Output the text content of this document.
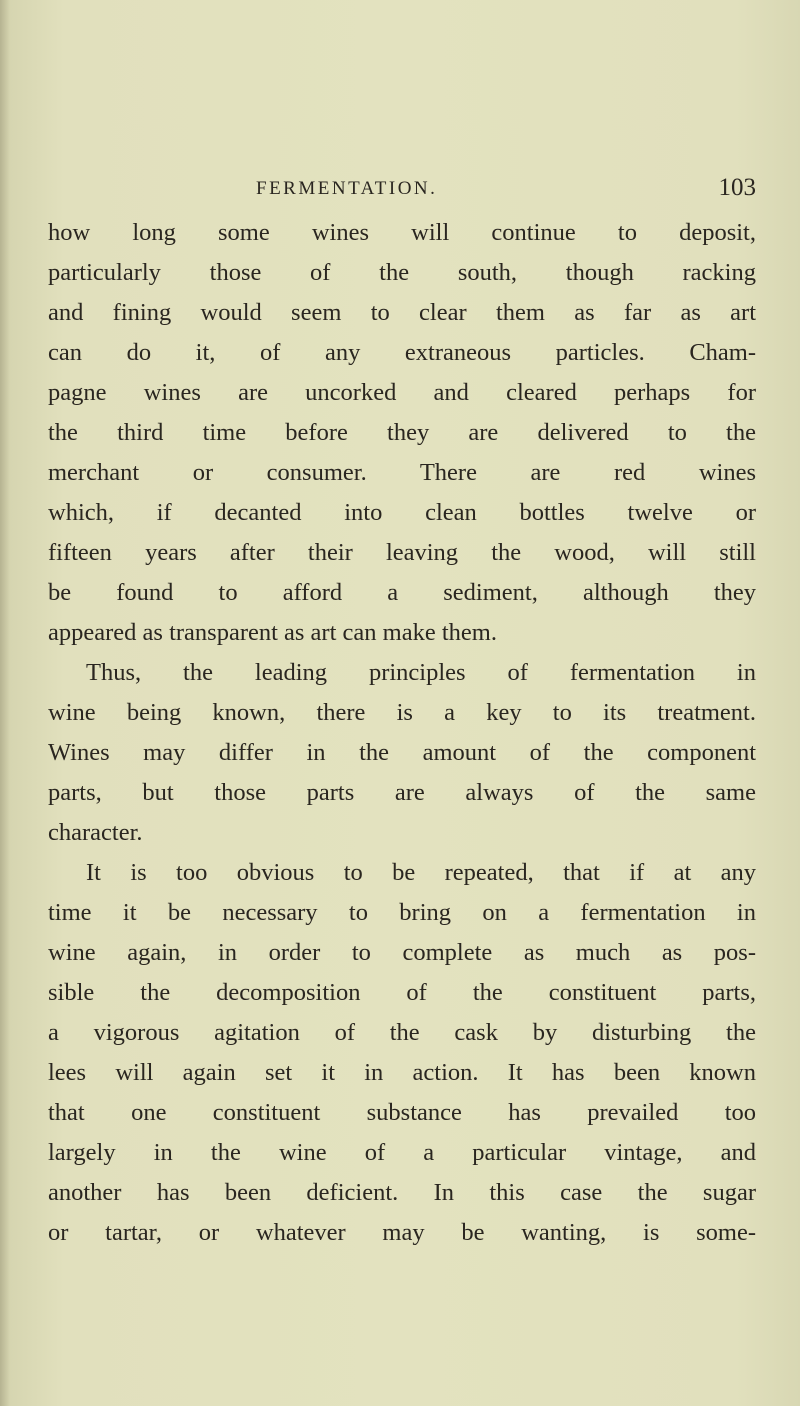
FERMENTATION.	103
how long some wines will continue to deposit,
particularly those of the south, though racking
and fining would seem to clear them as far as art
can do it, of any extraneous particles. Cham-
pagne wines are uncorked and cleared perhaps for
the third time before they are delivered to the
merchant or consumer. There are red wines
which, if decanted into clean bottles twelve or
fifteen years after their leaving the wood, will still
be found to afford a sediment, although they
appeared as transparent as art can make them.
Thus, the leading principles of fermentation in
wine being known, there is a key to its treatment.
Wines may differ in the amount of the component
parts, but those parts are always of the same
character.
It is too obvious to be repeated, that if at any
time it be necessary to bring on a fermentation in
wine again, in order to complete as much as pos-
sible the decomposition of the constituent parts,
a vigorous agitation of the cask by disturbing the
lees will again set it in action. It has been known
that one constituent substance has prevailed too
largely in the wine of a particular vintage, and
another has been deficient. In this case the sugar
or tartar, or whatever may be wanting, is some-
